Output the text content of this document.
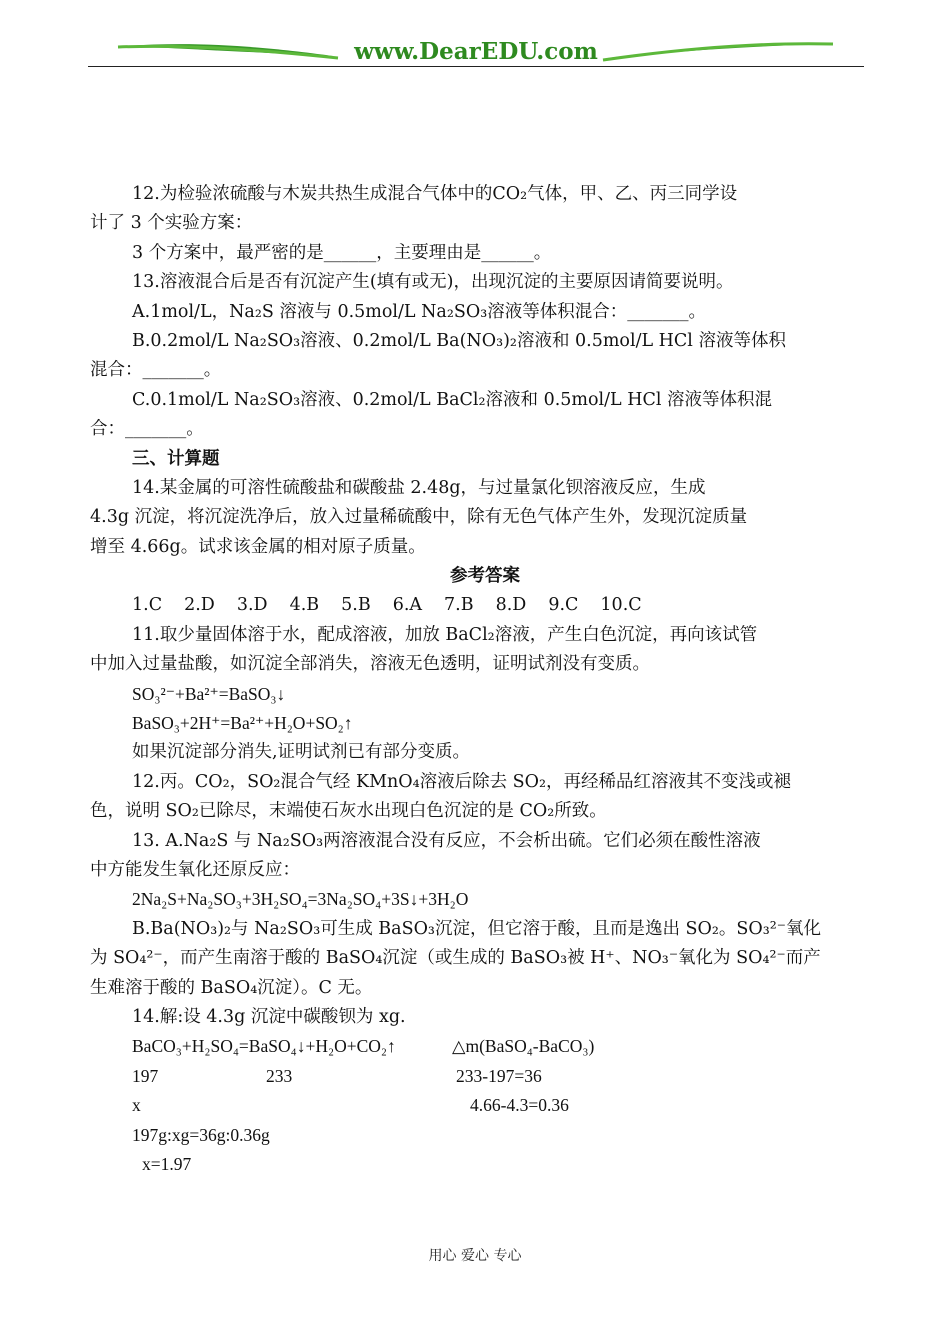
www.DearEDU.com
12.为检验浓硫酸与木炭共热生成混合气体中的CO₂气体，甲、乙、丙三同学设
计了 3 个实验方案：
3 个方案中，最严密的是______，主要理由是______。
13.溶液混合后是否有沉淀产生(填有或无)，出现沉淀的主要原因请简要说明。
A.1mol/L，Na₂S 溶液与 0.5mol/L Na₂SO₃溶液等体积混合：_______。
B.0.2mol/L Na₂SO₃溶液、0.2mol/L Ba(NO₃)₂溶液和 0.5mol/L HCl 溶液等体积
混合：_______。
C.0.1mol/L Na₂SO₃溶液、0.2mol/L BaCl₂溶液和 0.5mol/L HCl 溶液等体积混
合：_______。
三、计算题
14.某金属的可溶性硫酸盐和碳酸盐 2.48g，与过量氯化钡溶液反应，生成
4.3g 沉淀，将沉淀洗净后，放入过量稀硫酸中，除有无色气体产生外，发现沉淀质量
增至 4.66g。试求该金属的相对原子质量。
参考答案
1.C 2.D 3.D 4.B 5.B 6.A 7.B 8.D 9.C 10.C
11.取少量固体溶于水，配成溶液，加放 BaCl₂溶液，产生白色沉淀，再向该试管
中加入过量盐酸，如沉淀全部消失，溶液无色透明，证明试剂没有变质。
SO₃²⁻+Ba²⁺=BaSO₃↓
BaSO₃+2H⁺=Ba²⁺+H₂O+SO₂↑
如果沉淀部分消失,证明试剂已有部分变质。
12.丙。CO₂，SO₂混合气经 KMnO₄溶液后除去 SO₂，再经稀品红溶液其不变浅或褪
色，说明 SO₂已除尽，末端使石灰水出现白色沉淀的是 CO₂所致。
13. A.Na₂S 与 Na₂SO₃两溶液混合没有反应，不会析出硫。它们必须在酸性溶液
中方能发生氧化还原反应：
2Na₂S+Na₂SO₃+3H₂SO₄=3Na₂SO₄+3S↓+3H₂O
B.Ba(NO₃)₂与 Na₂SO₃可生成 BaSO₃沉淀，但它溶于酸，且而是逸出 SO₂。SO₃²⁻氧化
为 SO₄²⁻，而产生南溶于酸的 BaSO₄沉淀（或生成的 BaSO₃被 H⁺、NO₃⁻氧化为 SO₄²⁻而产
生难溶于酸的 BaSO₄沉淀）。C 无。
14.解:设 4.3g 沉淀中碳酸钡为 xg.
BaCO₃+H₂SO₄=BaSO₄↓+H₂O+CO₂↑	△m(BaSO₄-BaCO₃)
197	233	233-197=36
x	4.66-4.3=0.36
197g:xg=36g:0.36g
x=1.97
用心 爱心 专心
